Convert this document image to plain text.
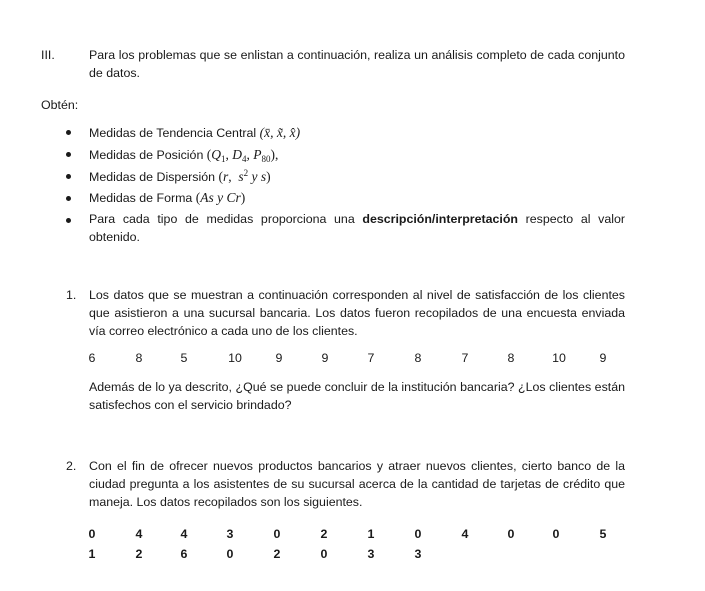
III.	Para los problemas que se enlistan a continuación, realiza un análisis completo de cada conjunto de datos.
Obtén:
Medidas de Tendencia Central (x̄, x̃, x̂)
Medidas de Posición ($Q_1$, $D_4$, $P_{80}$),
Medidas de Dispersión (r,  $s^2$ y s)
Medidas de Forma (As y Cr)
Para cada tipo de medidas proporciona una descripción/interpretación respecto al valor obtenido.
1. Los datos que se muestran a continuación corresponden al nivel de satisfacción de los clientes que asistieron a una sucursal bancaria. Los datos fueron recopilados de una encuesta enviada vía correo electrónico a cada uno de los clientes.
6	8	5	10	9	9	7	8	7	8	10	9
Además de lo ya descrito, ¿Qué se puede concluir de la institución bancaria? ¿Los clientes están satisfechos con el servicio brindado?
2. Con el fin de ofrecer nuevos productos bancarios y atraer nuevos clientes, cierto banco de la ciudad pregunta a los asistentes de su sucursal acerca de la cantidad de tarjetas de crédito que maneja. Los datos recopilados son los siguientes.
0	4	4	3	0	2	1	0	4	0	0	5
1	2	6	0	2	0	3	3
